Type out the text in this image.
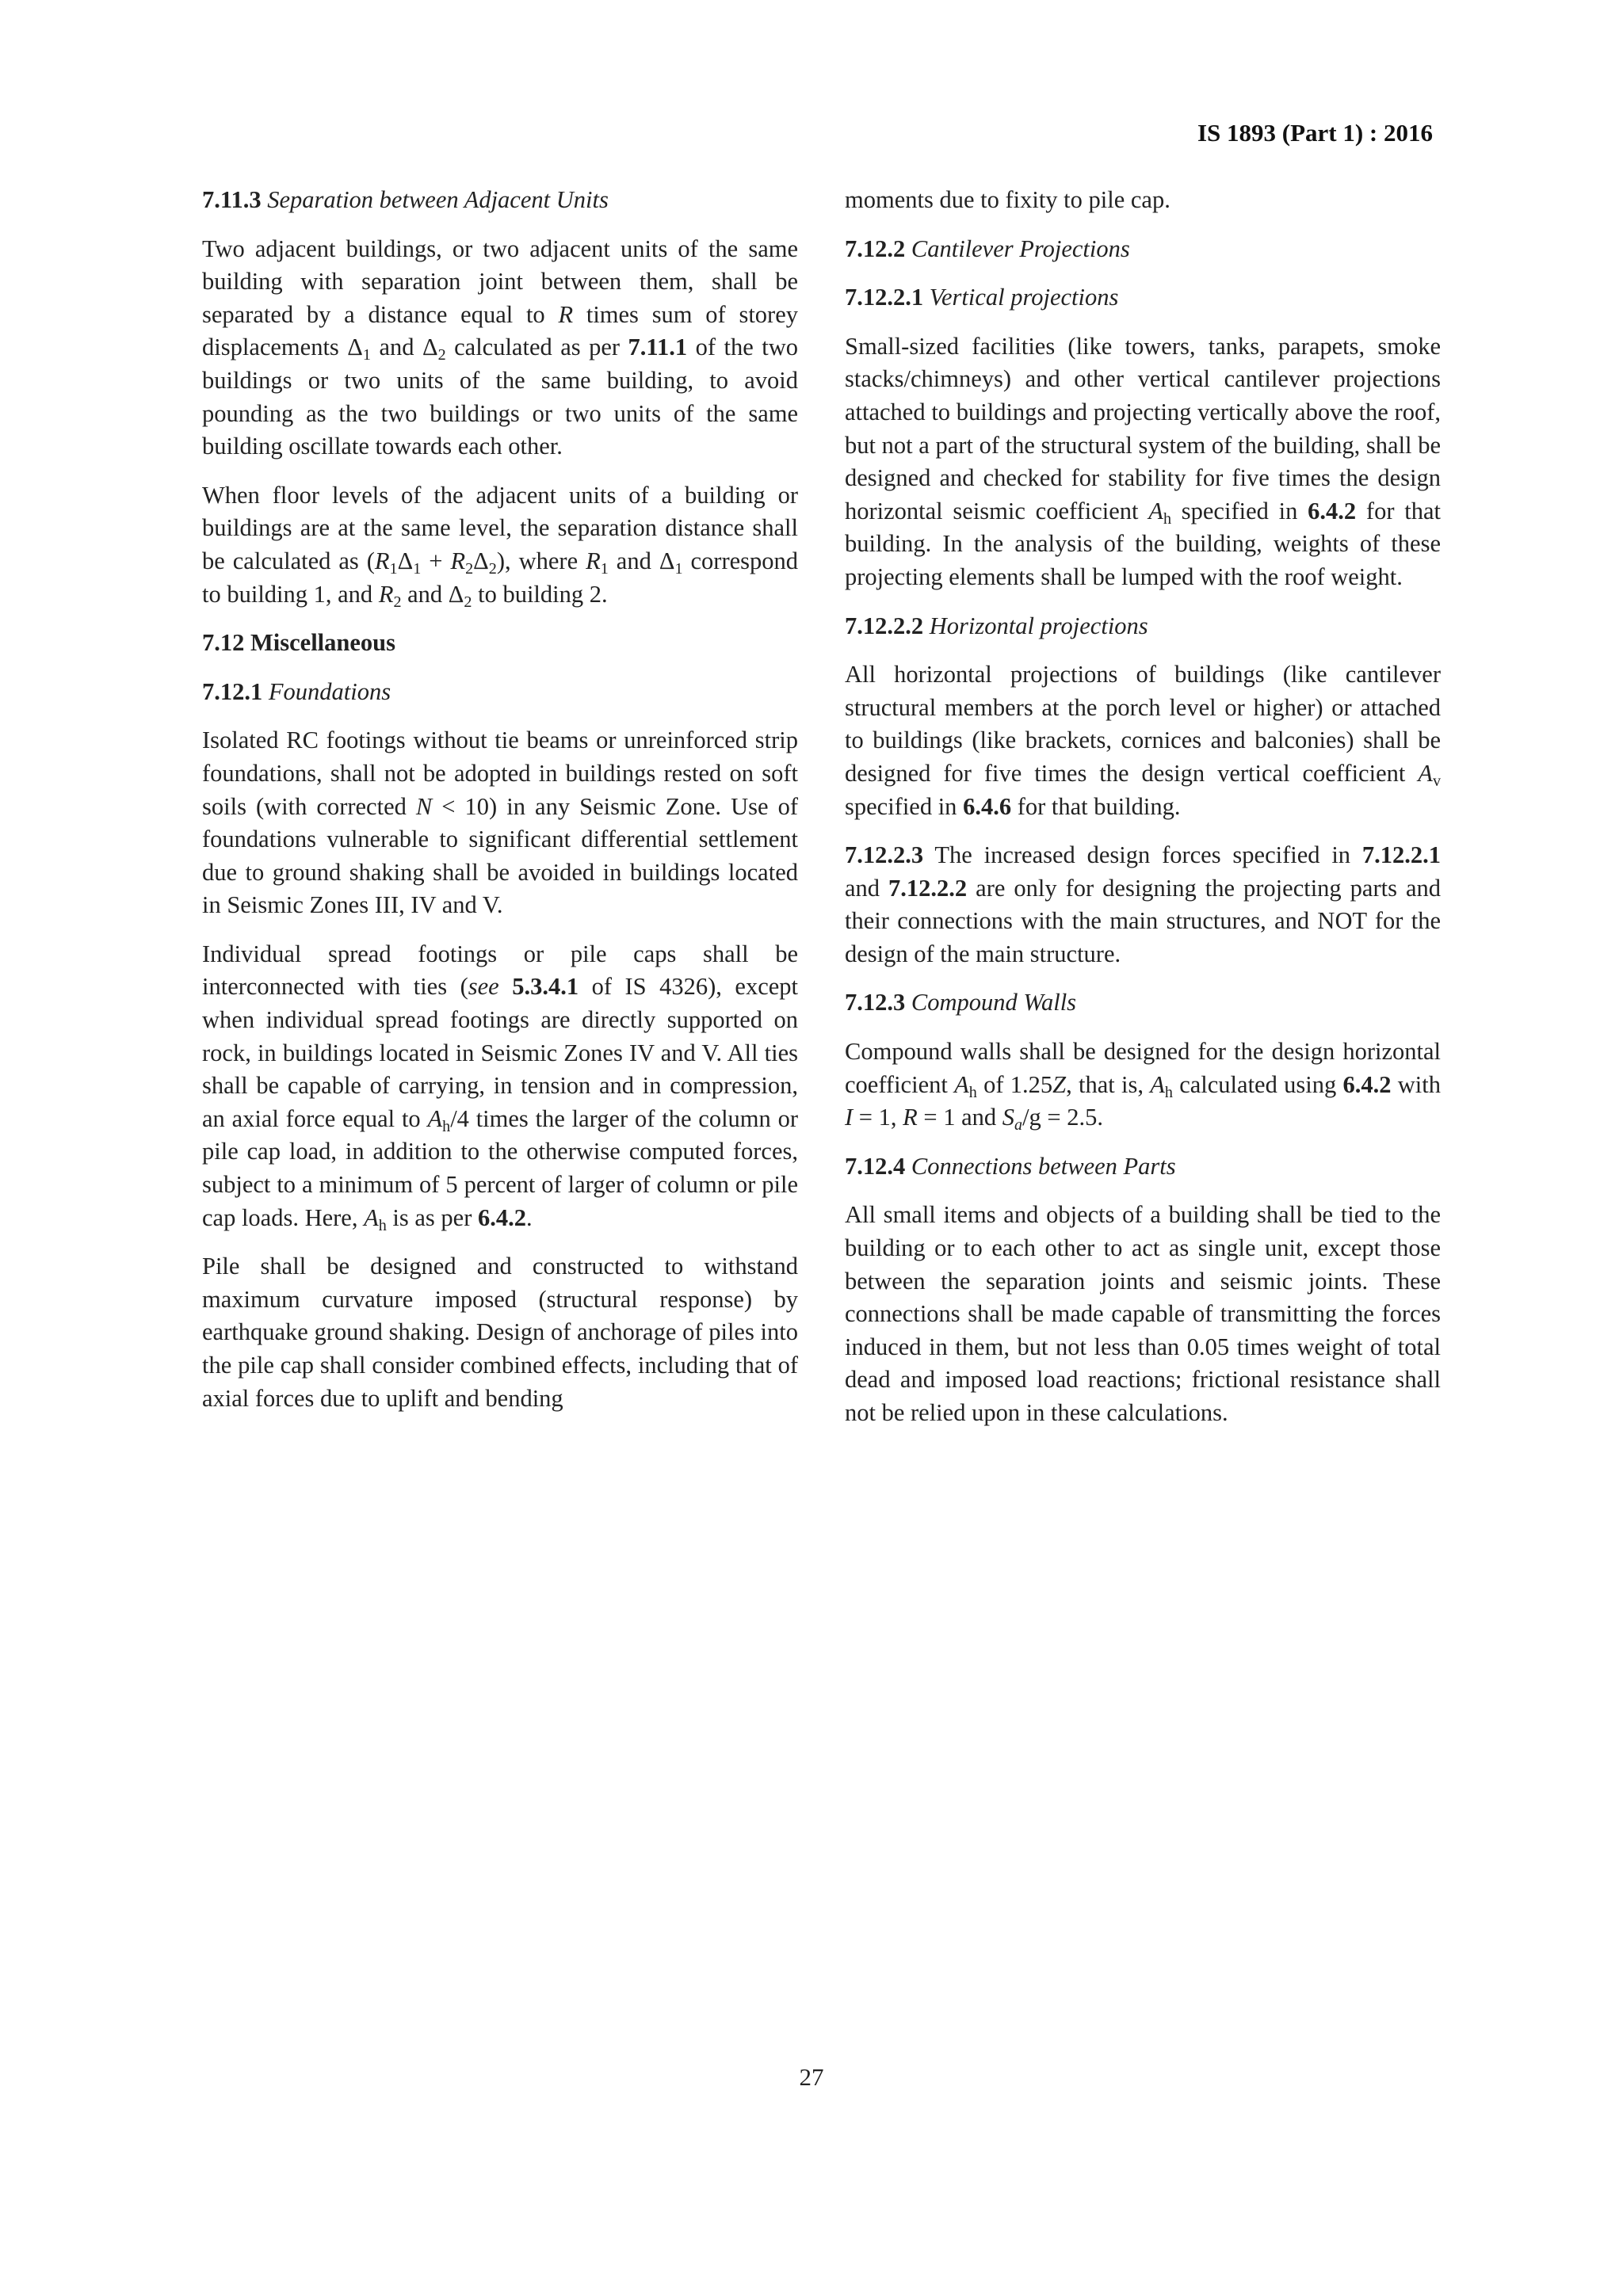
IS 1893 (Part 1) : 2016

7.11.3 Separation between Adjacent Units

Two adjacent buildings, or two adjacent units of the same building with separation joint between them, shall be separated by a distance equal to R times sum of storey displacements $\Delta_1$ and $\Delta_2$ calculated as per 7.11.1 of the two buildings or two units of the same building, to avoid pounding as the two buildings or two units of the same building oscillate towards each other.

When floor levels of the adjacent units of a building or buildings are at the same level, the separation distance shall be calculated as $(R_1\Delta_1 + R_2\Delta_2)$, where $R_1$ and $\Delta_1$ correspond to building 1, and $R_2$ and $\Delta_2$ to building 2.

7.12 Miscellaneous

7.12.1 Foundations

Isolated RC footings without tie beams or unreinforced strip foundations, shall not be adopted in buildings rested on soft soils (with corrected N < 10) in any Seismic Zone. Use of foundations vulnerable to significant differential settlement due to ground shaking shall be avoided in buildings located in Seismic Zones III, IV and V.

Individual spread footings or pile caps shall be interconnected with ties (see 5.3.4.1 of IS 4326), except when individual spread footings are directly supported on rock, in buildings located in Seismic Zones IV and V. All ties shall be capable of carrying, in tension and in compression, an axial force equal to $A_h/4$ times the larger of the column or pile cap load, in addition to the otherwise computed forces, subject to a minimum of 5 percent of larger of column or pile cap loads. Here, $A_h$ is as per 6.4.2.

Pile shall be designed and constructed to withstand maximum curvature imposed (structural response) by earthquake ground shaking. Design of anchorage of piles into the pile cap shall consider combined effects, including that of axial forces due to uplift and bending

moments due to fixity to pile cap.

7.12.2 Cantilever Projections

7.12.2.1 Vertical projections

Small-sized facilities (like towers, tanks, parapets, smoke stacks/chimneys) and other vertical cantilever projections attached to buildings and projecting vertically above the roof, but not a part of the structural system of the building, shall be designed and checked for stability for five times the design horizontal seismic coefficient $A_h$ specified in 6.4.2 for that building. In the analysis of the building, weights of these projecting elements shall be lumped with the roof weight.

7.12.2.2 Horizontal projections

All horizontal projections of buildings (like cantilever structural members at the porch level or higher) or attached to buildings (like brackets, cornices and balconies) shall be designed for five times the design vertical coefficient $A_v$ specified in 6.4.6 for that building.

7.12.2.3 The increased design forces specified in 7.12.2.1 and 7.12.2.2 are only for designing the projecting parts and their connections with the main structures, and NOT for the design of the main structure.

7.12.3 Compound Walls

Compound walls shall be designed for the design horizontal coefficient $A_h$ of 1.25Z, that is, $A_h$ calculated using 6.4.2 with I = 1, R = 1 and $S_a/g = 2.5$.

7.12.4 Connections between Parts

All small items and objects of a building shall be tied to the building or to each other to act as single unit, except those between the separation joints and seismic joints. These connections shall be made capable of transmitting the forces induced in them, but not less than 0.05 times weight of total dead and imposed load reactions; frictional resistance shall not be relied upon in these calculations.

27
